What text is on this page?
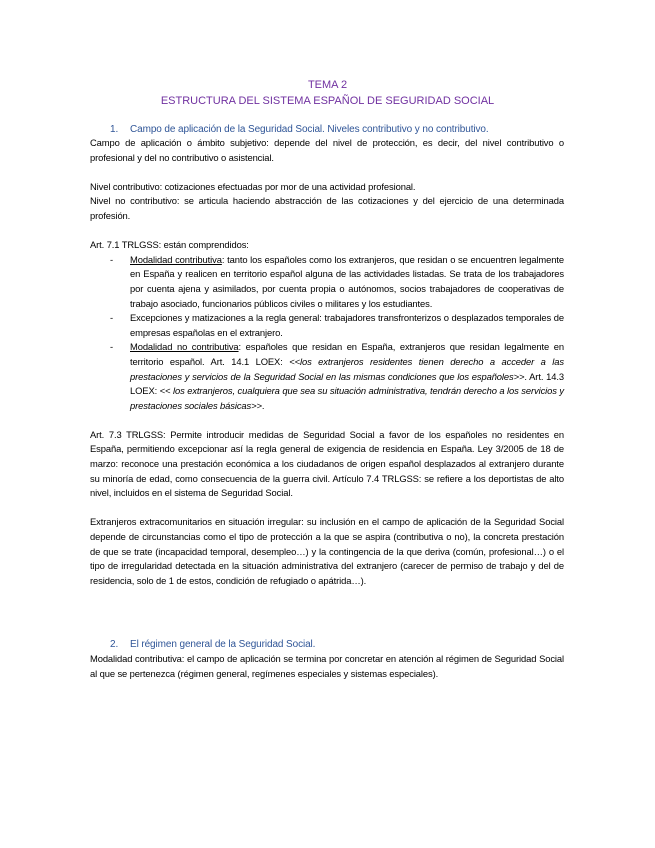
TEMA 2
ESTRUCTURA DEL SISTEMA ESPAÑOL DE SEGURIDAD SOCIAL
1. Campo de aplicación de la Seguridad Social. Niveles contributivo y no contributivo.

Campo de aplicación o ámbito subjetivo: depende del nivel de protección, es decir, del nivel contributivo o profesional y del no contributivo o asistencial.

Nivel contributivo: cotizaciones efectuadas por mor de una actividad profesional.

Nivel no contributivo: se articula haciendo abstracción de las cotizaciones y del ejercicio de una determinada profesión.

Art. 7.1 TRLGSS: están comprendidos:

- Modalidad contributiva: tanto los españoles como los extranjeros, que residan o se encuentren legalmente en España y realicen en territorio español alguna de las actividades listadas. Se trata de los trabajadores por cuenta ajena y asimilados, por cuenta propia o autónomos, socios trabajadores de cooperativas de trabajo asociado, funcionarios públicos civiles o militares y los estudiantes.
- Excepciones y matizaciones a la regla general: trabajadores transfronterizos o desplazados temporales de empresas españolas en el extranjero.
- Modalidad no contributiva: españoles que residan en España, extranjeros que residan legalmente en territorio español. Art. 14.1 LOEX: <<los extranjeros residentes tienen derecho a acceder a las prestaciones y servicios de la Seguridad Social en las mismas condiciones que los españoles>>. Art. 14.3 LOEX: << los extranjeros, cualquiera que sea su situación administrativa, tendrán derecho a los servicios y prestaciones sociales básicas>>.

Art. 7.3 TRLGSS: Permite introducir medidas de Seguridad Social a favor de los españoles no residentes en España, permitiendo excepcionar así la regla general de exigencia de residencia en España. Ley 3/2005 de 18 de marzo: reconoce una prestación económica a los ciudadanos de origen español desplazados al extranjero durante su minoría de edad, como consecuencia de la guerra civil. Artículo 7.4 TRLGSS: se refiere a los deportistas de alto nivel, incluidos en el sistema de Seguridad Social.

Extranjeros extracomunitarios en situación irregular: su inclusión en el campo de aplicación de la Seguridad Social depende de circunstancias como el tipo de protección a la que se aspira (contributiva o no), la concreta prestación de que se trate (incapacidad temporal, desempleo…) y la contingencia de la que deriva (común, profesional…) o el tipo de irregularidad detectada en la situación administrativa del extranjero (carecer de permiso de trabajo y del de residencia, solo de 1 de estos, condición de refugiado o apátrida…).

2. El régimen general de la Seguridad Social.

Modalidad contributiva: el campo de aplicación se termina por concretar en atención al régimen de Seguridad Social al que se pertenezca (régimen general, regímenes especiales y sistemas especiales).
